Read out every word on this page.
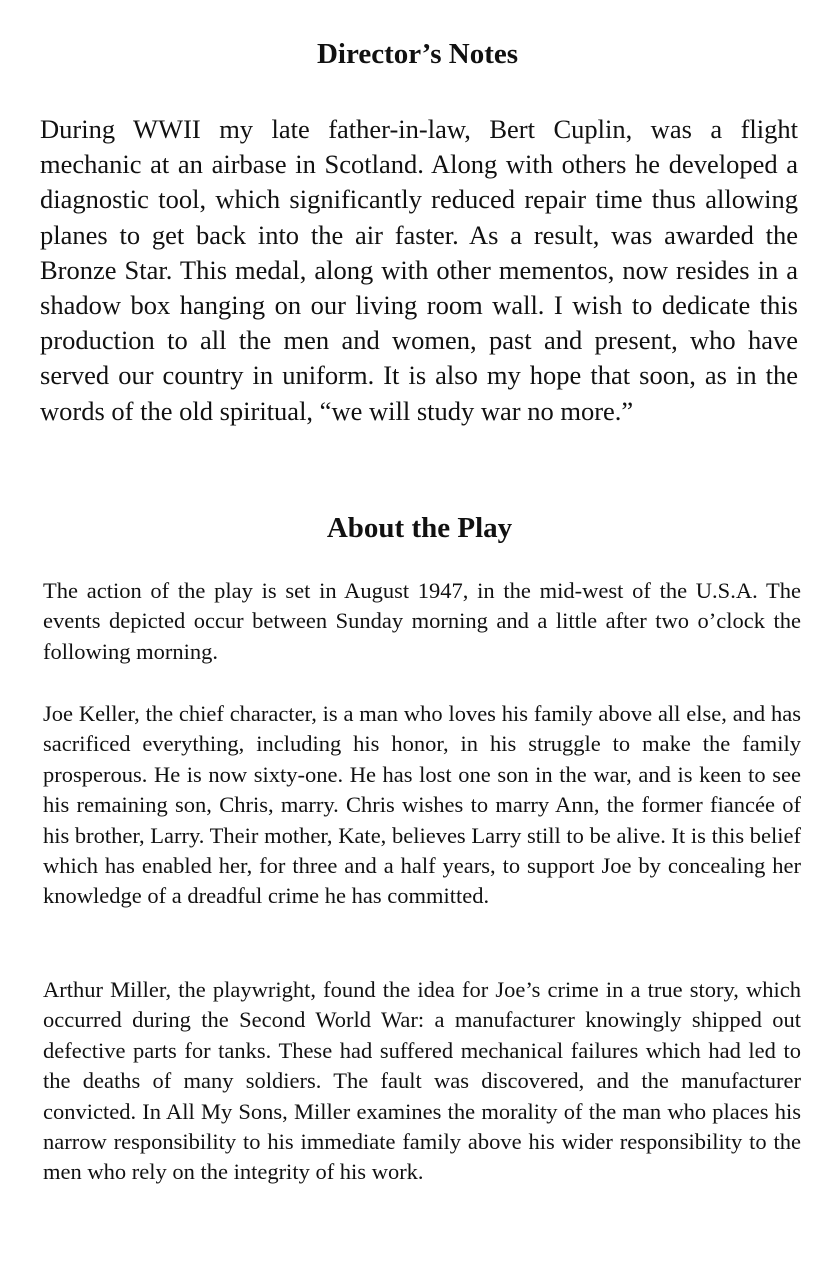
Director’s Notes

During WWII my late father-in-law, Bert Cuplin, was a flight mechanic at an airbase in Scotland. Along with others he developed a diagnostic tool, which significantly reduced repair time thus allowing planes to get back into the air faster. As a result, was awarded the Bronze Star. This medal, along with other mementos, now resides in a shadow box hanging on our living room wall. I wish to dedicate this production to all the men and women, past and present, who have served our country in uniform. It is also my hope that soon, as in the words of the old spiritual, “we will study war no more.”

About the Play

The action of the play is set in August 1947, in the mid-west of the U.S.A. The events depicted occur between Sunday morning and a little after two o’clock the following morning.

Joe Keller, the chief character, is a man who loves his family above all else, and has sacrificed everything, including his honor, in his struggle to make the family prosperous. He is now sixty-one. He has lost one son in the war, and is keen to see his remaining son, Chris, marry. Chris wishes to marry Ann, the former fiancée of his brother, Larry. Their mother, Kate, believes Larry still to be alive. It is this belief which has enabled her, for three and a half years, to support Joe by concealing her knowledge of a dreadful crime he has committed.

Arthur Miller, the playwright, found the idea for Joe’s crime in a true story, which occurred during the Second World War: a manufacturer knowingly shipped out defective parts for tanks. These had suffered mechanical failures which had led to the deaths of many soldiers. The fault was discovered, and the manufacturer convicted. In All My Sons, Miller examines the morality of the man who places his narrow responsibility to his immediate family above his wider responsibility to the men who rely on the integrity of his work.
